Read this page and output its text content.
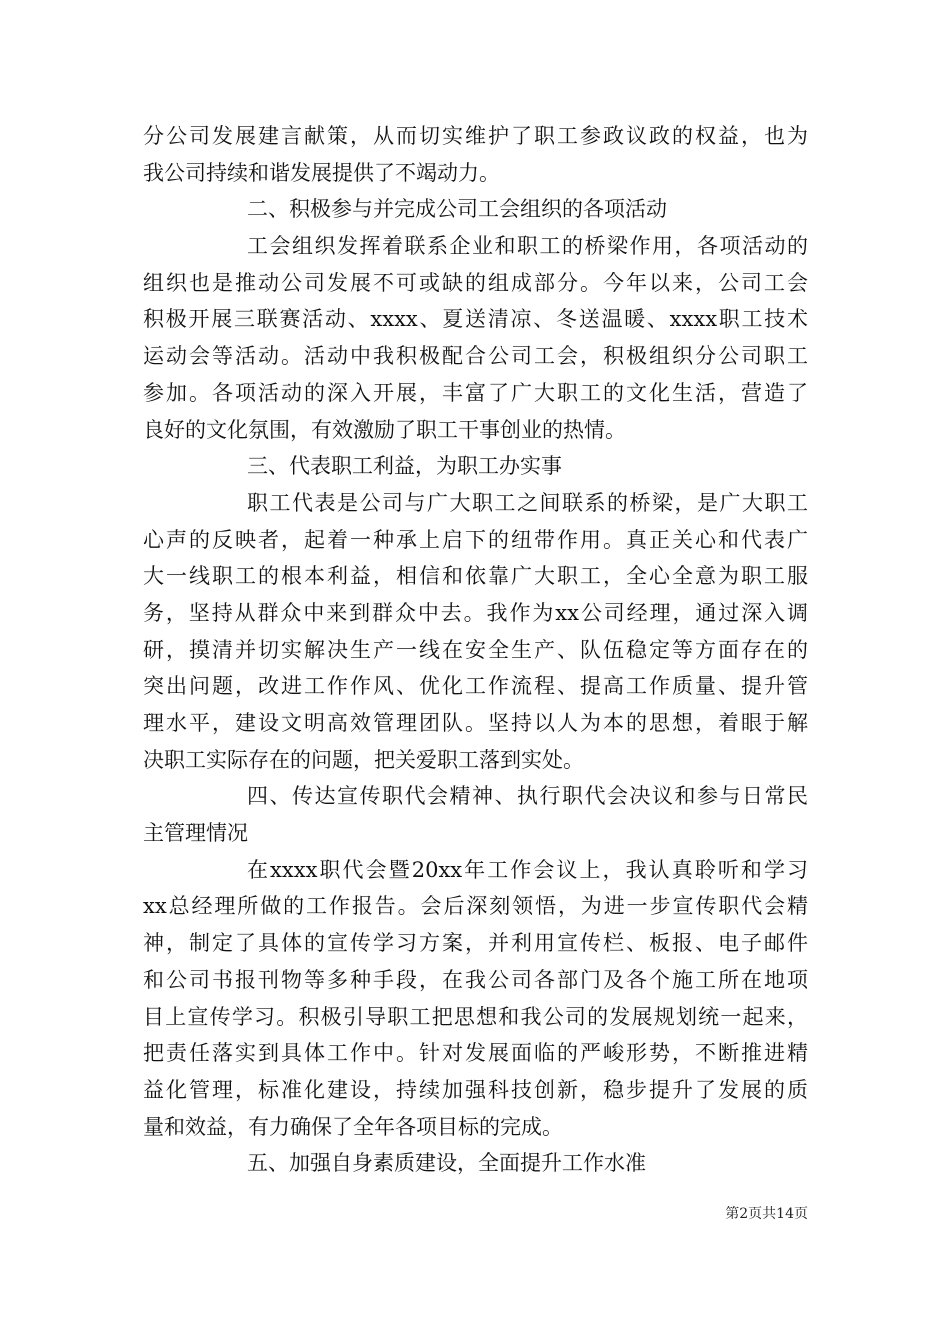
分公司发展建言献策，从而切实维护了职工参政议政的权益，也为
我公司持续和谐发展提供了不竭动力。
二、积极参与并完成公司工会组织的各项活动
工会组织发挥着联系企业和职工的桥梁作用，各项活动的
组织也是推动公司发展不可或缺的组成部分。今年以来，公司工会
积极开展三联赛活动、xxxx、夏送清凉、冬送温暖、xxxx职工技术
运动会等活动。活动中我积极配合公司工会，积极组织分公司职工
参加。各项活动的深入开展，丰富了广大职工的文化生活，营造了
良好的文化氛围，有效激励了职工干事创业的热情。
三、代表职工利益，为职工办实事
职工代表是公司与广大职工之间联系的桥梁，是广大职工
心声的反映者，起着一种承上启下的纽带作用。真正关心和代表广
大一线职工的根本利益，相信和依靠广大职工，全心全意为职工服
务，坚持从群众中来到群众中去。我作为xx公司经理，通过深入调
研，摸清并切实解决生产一线在安全生产、队伍稳定等方面存在的
突出问题，改进工作作风、优化工作流程、提高工作质量、提升管
理水平，建设文明高效管理团队。坚持以人为本的思想，着眼于解
决职工实际存在的问题，把关爱职工落到实处。
四、传达宣传职代会精神、执行职代会决议和参与日常民
主管理情况
在xxxx职代会暨20xx年工作会议上，我认真聆听和学习
xx总经理所做的工作报告。会后深刻领悟，为进一步宣传职代会精
神，制定了具体的宣传学习方案，并利用宣传栏、板报、电子邮件
和公司书报刊物等多种手段，在我公司各部门及各个施工所在地项
目上宣传学习。积极引导职工把思想和我公司的发展规划统一起来，
把责任落实到具体工作中。针对发展面临的严峻形势，不断推进精
益化管理，标准化建设，持续加强科技创新，稳步提升了发展的质
量和效益，有力确保了全年各项目标的完成。
五、加强自身素质建设，全面提升工作水准
第2页共14页
